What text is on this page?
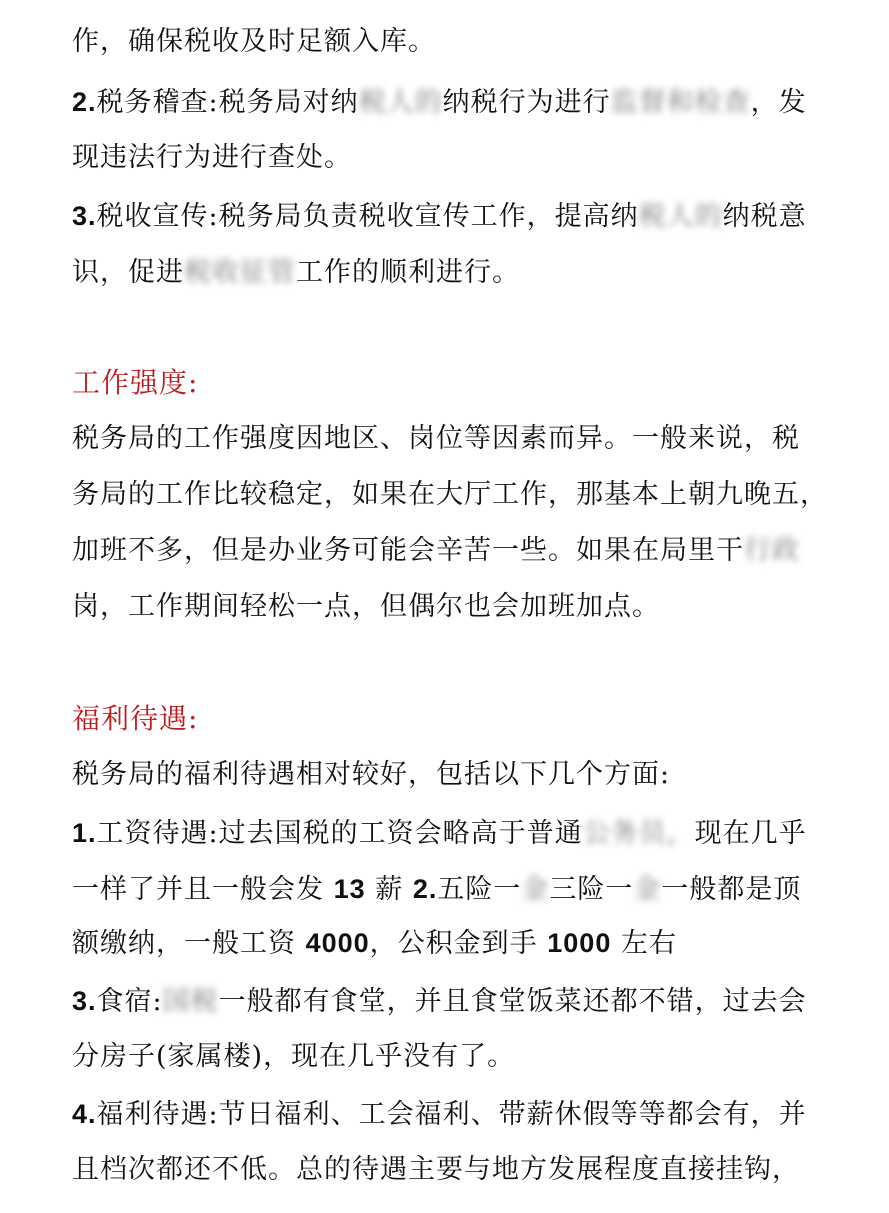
作，确保税收及时足额入库。
2.税务稽查:税务局对纳税人的纳税行为进行监督和检查，发
现违法行为进行查处。
3.税收宣传:税务局负责税收宣传工作，提高纳税人的纳税意
识，促进税收征管工作的顺利进行。
工作强度:
税务局的工作强度因地区、岗位等因素而异。一般来说，税
务局的工作比较稳定，如果在大厅工作，那基本上朝九晚五，
加班不多，但是办业务可能会辛苦一些。如果在局里干行政
岗，工作期间轻松一点，但偶尔也会加班加点。
福利待遇:
税务局的福利待遇相对较好，包括以下几个方面:
1.工资待遇:过去国税的工资会略高于普通公务员，现在几乎
一样了并且一般会发 13 薪 2.五险一金三险一金一般都是顶
额缴纳，一般工资 4000，公积金到手 1000 左右
3.食宿:国税一般都有食堂，并且食堂饭菜还都不错，过去会
分房子(家属楼)，现在几乎没有了。
4.福利待遇:节日福利、工会福利、带薪休假等等都会有，并
且档次都还不低。总的待遇主要与地方发展程度直接挂钩，
